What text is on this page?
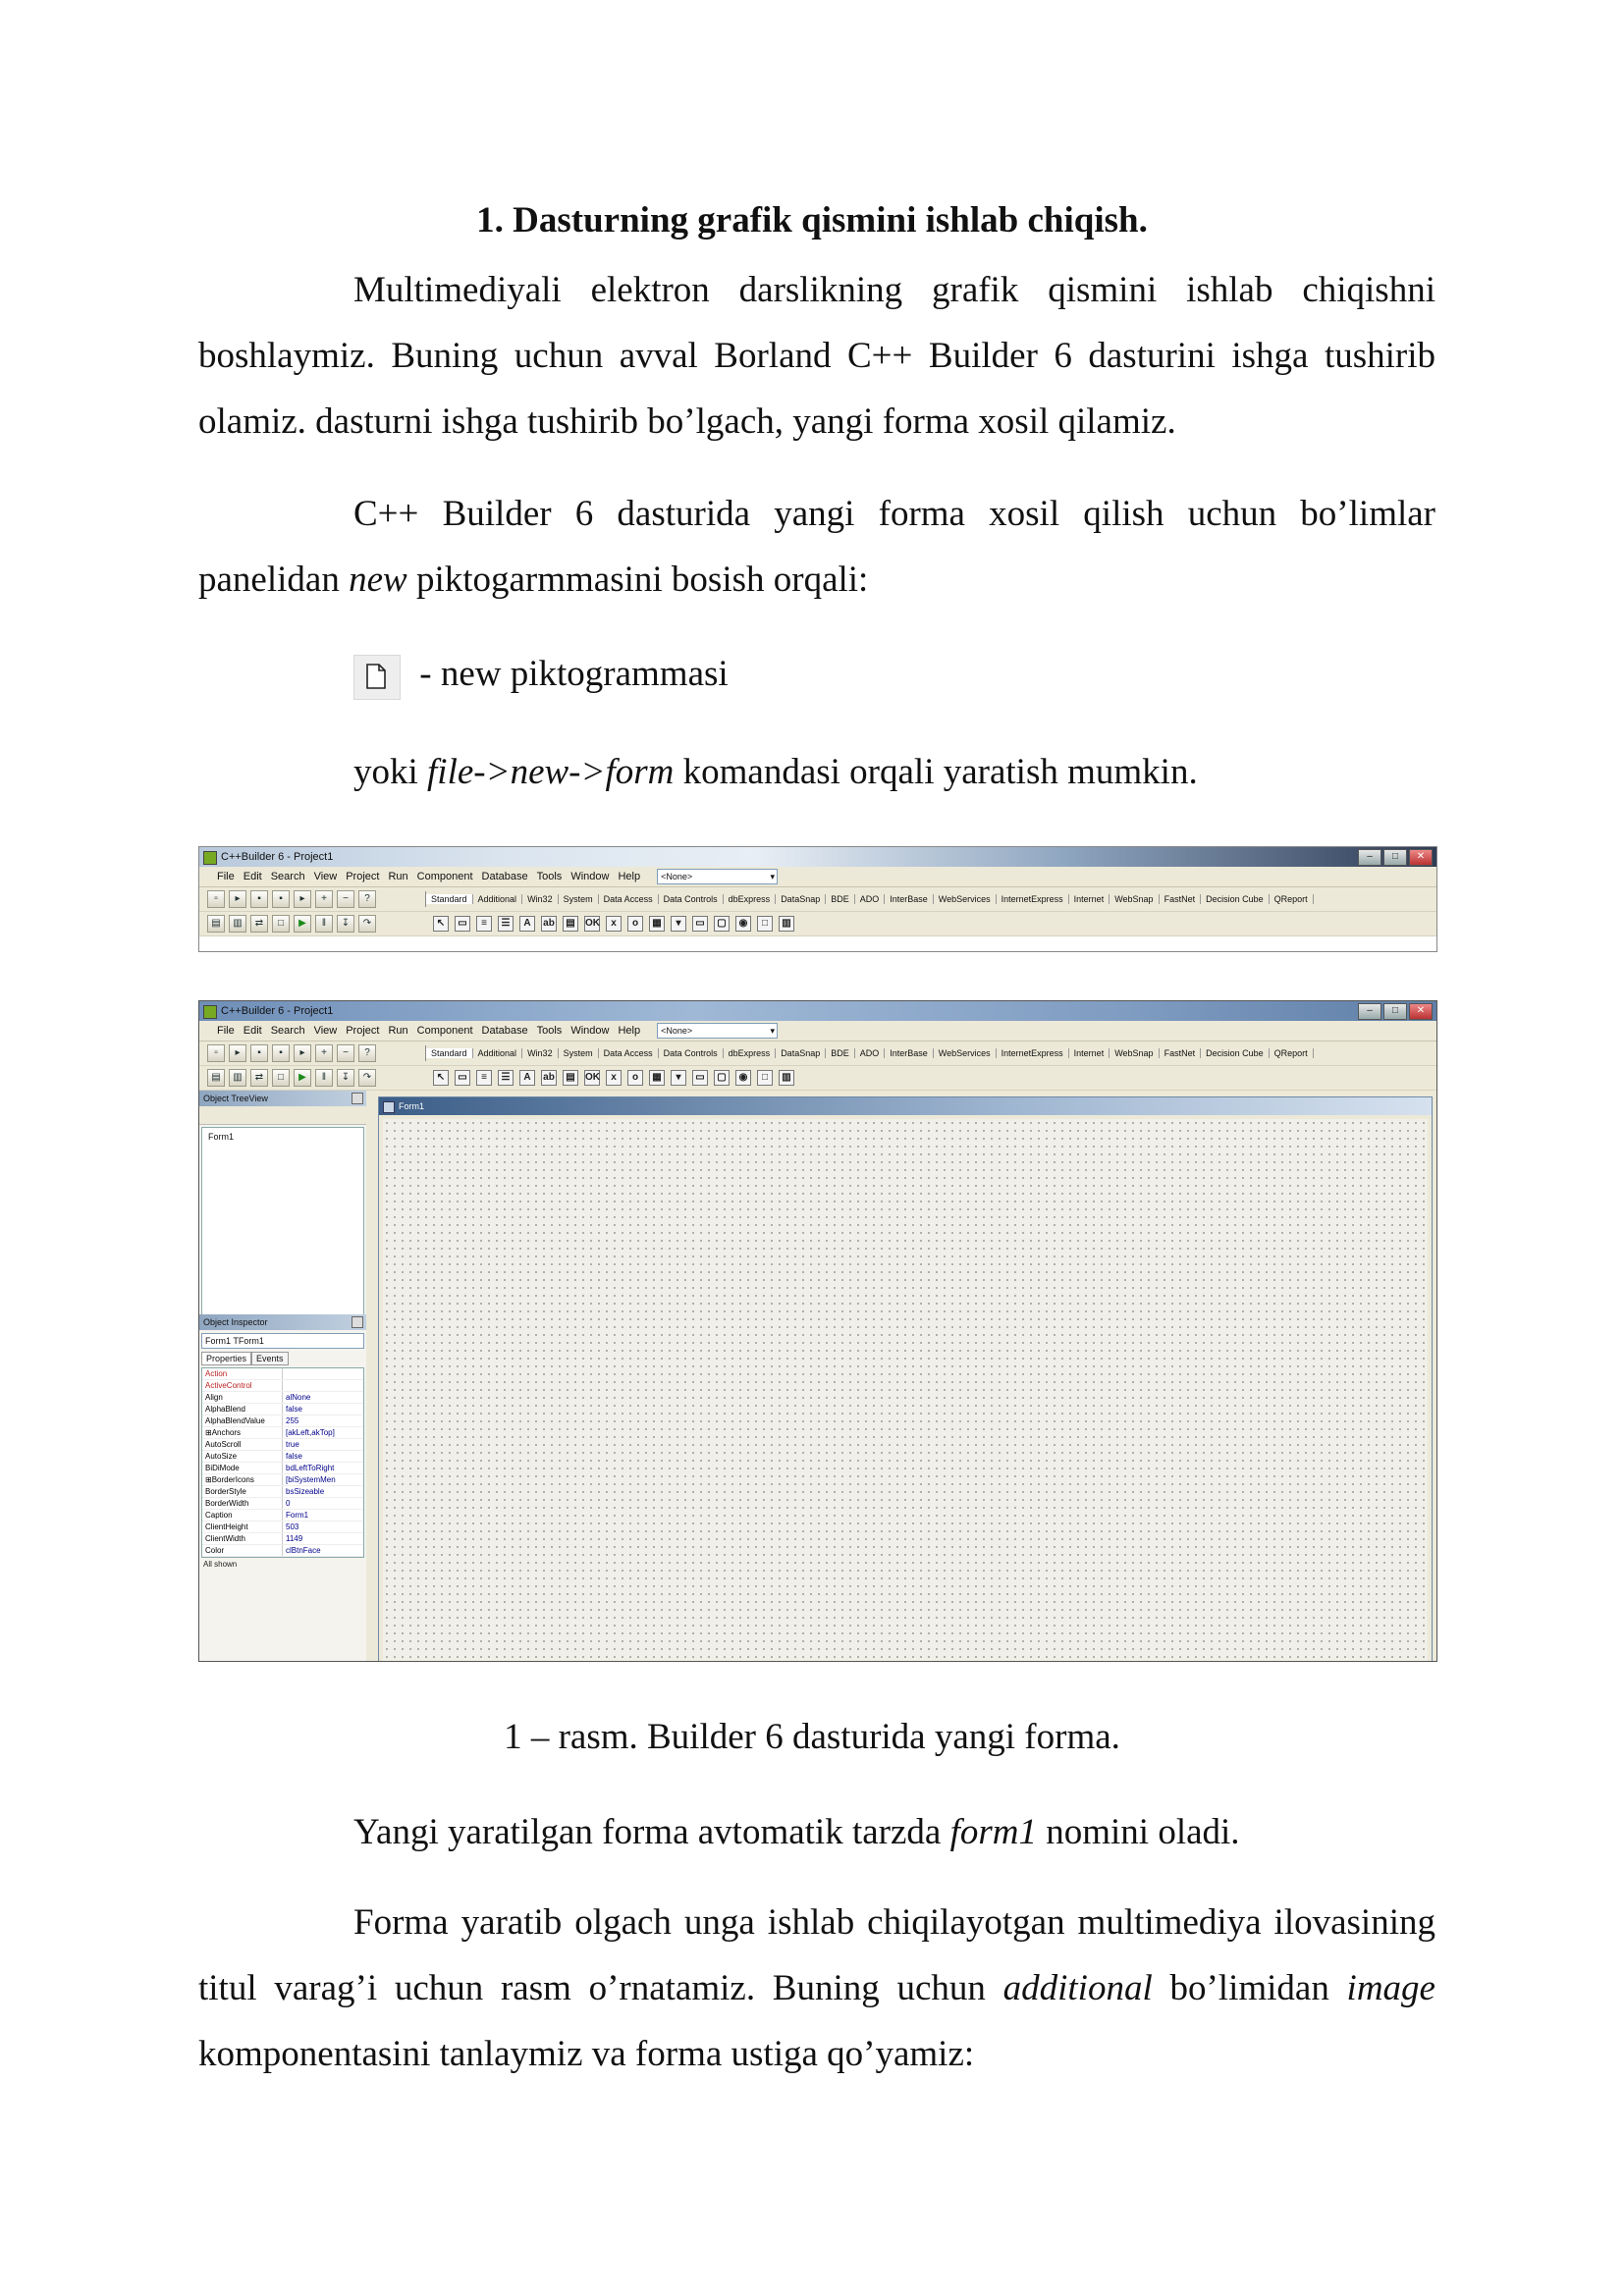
1. Dasturning grafik qismini ishlab chiqish.

Multimediyali elektron darslikning grafik qismini ishlab chiqishni boshlaymiz. Buning uchun avval Borland C++ Builder 6 dasturini ishga tushirib olamiz. dasturni ishga tushirib bo’lgach, yangi forma xosil qilamiz.

C++ Builder 6 dasturida yangi forma xosil qilish uchun bo’limlar panelidan new piktogarmmasini bosish orqali:

- new piktogrammasi
yoki file->new->form komandasi orqali yaratish mumkin.
C++Builder 6 - Project1	–	□	✕
File Edit Search View Project Run Component Database Tools Window Help	<None> ▾
▫	▸	▪	▪	▸	+	−	?	Standard	Additional	Win32	System	Data Access	Data Controls	dbExpress	DataSnap	BDE	ADO	InterBase	WebServices	InternetExpress	Internet	WebSnap	FastNet	Decision Cube	QReport
▤	▥	⇄	□	▶	‖	↧	↷	↖	▭	≡	☰	A	ab	▤	OK	x	o	▦	▾	▭	▢	◉	□	▥
C++Builder 6 - Project1	–	□	✕
File Edit Search View Project Run Component Database Tools Window Help	<None> ▾
▫	▸	▪	▪	▸	+	−	?	Standard	Additional	Win32	System	Data Access	Data Controls	dbExpress	DataSnap	BDE	ADO	InterBase	WebServices	InternetExpress	Internet	WebSnap	FastNet	Decision Cube	QReport
▤	▥	⇄	□	▶	‖	↧	↷	↖	▭	≡	☰	A	ab	▤	OK	x	o	▦	▾	▭	▢	◉	□	▥
Object TreeView
Form1
Object Inspector
Form1 TForm1
Properties	Events
Action
ActiveControl
Align	alNone
AlphaBlend	false
AlphaBlendValue	255
⊞Anchors	[akLeft,akTop]
AutoScroll	true
AutoSize	false
BiDiMode	bdLeftToRight
⊞BorderIcons	[biSystemMen
BorderStyle	bsSizeable
BorderWidth	0
Caption	Form1
ClientHeight	503
ClientWidth	1149
Color	clBtnFace
All shown
Form1
1 – rasm. Builder 6 dasturida yangi forma.
Yangi yaratilgan forma avtomatik tarzda form1 nomini oladi.

Forma yaratib olgach unga ishlab chiqilayotgan multimediya ilovasining titul varag’i uchun rasm o’rnatamiz. Buning uchun additional bo’limidan image komponentasini tanlaymiz va forma ustiga qo’yamiz:
